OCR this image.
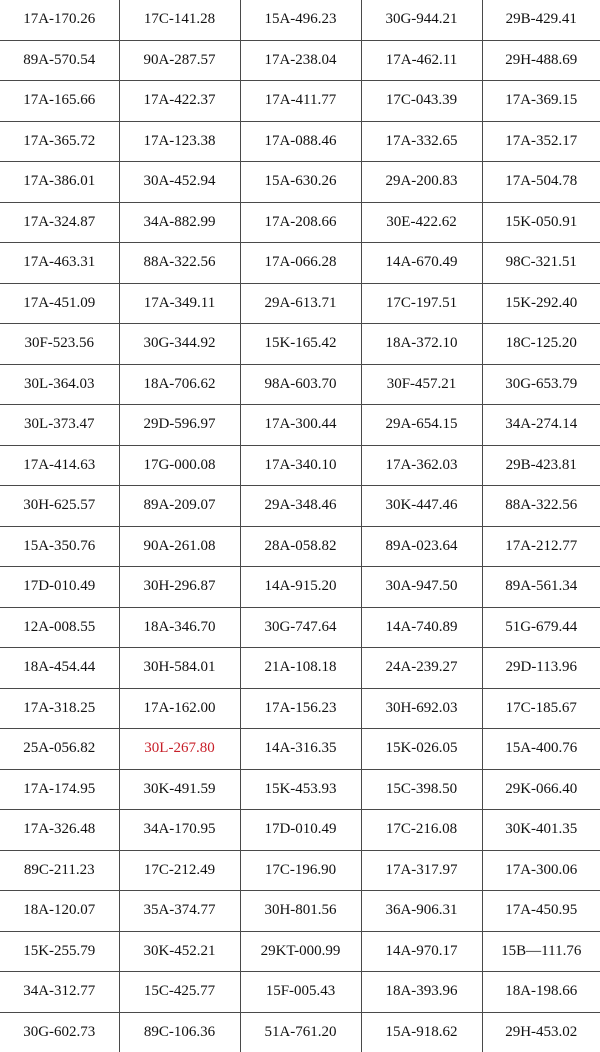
17A-170.26	17C-141.28	15A-496.23	30G-944.21	29B-429.41
89A-570.54	90A-287.57	17A-238.04	17A-462.11	29H-488.69
17A-165.66	17A-422.37	17A-411.77	17C-043.39	17A-369.15
17A-365.72	17A-123.38	17A-088.46	17A-332.65	17A-352.17
17A-386.01	30A-452.94	15A-630.26	29A-200.83	17A-504.78
17A-324.87	34A-882.99	17A-208.66	30E-422.62	15K-050.91
17A-463.31	88A-322.56	17A-066.28	14A-670.49	98C-321.51
17A-451.09	17A-349.11	29A-613.71	17C-197.51	15K-292.40
30F-523.56	30G-344.92	15K-165.42	18A-372.10	18C-125.20
30L-364.03	18A-706.62	98A-603.70	30F-457.21	30G-653.79
30L-373.47	29D-596.97	17A-300.44	29A-654.15	34A-274.14
17A-414.63	17G-000.08	17A-340.10	17A-362.03	29B-423.81
30H-625.57	89A-209.07	29A-348.46	30K-447.46	88A-322.56
15A-350.76	90A-261.08	28A-058.82	89A-023.64	17A-212.77
17D-010.49	30H-296.87	14A-915.20	30A-947.50	89A-561.34
12A-008.55	18A-346.70	30G-747.64	14A-740.89	51G-679.44
18A-454.44	30H-584.01	21A-108.18	24A-239.27	29D-113.96
17A-318.25	17A-162.00	17A-156.23	30H-692.03	17C-185.67
25A-056.82	30L-267.80	14A-316.35	15K-026.05	15A-400.76
17A-174.95	30K-491.59	15K-453.93	15C-398.50	29K-066.40
17A-326.48	34A-170.95	17D-010.49	17C-216.08	30K-401.35
89C-211.23	17C-212.49	17C-196.90	17A-317.97	17A-300.06
18A-120.07	35A-374.77	30H-801.56	36A-906.31	17A-450.95
15K-255.79	30K-452.21	29KT-000.99	14A-970.17	15B—111.76
34A-312.77	15C-425.77	15F-005.43	18A-393.96	18A-198.66
30G-602.73	89C-106.36	51A-761.20	15A-918.62	29H-453.02
